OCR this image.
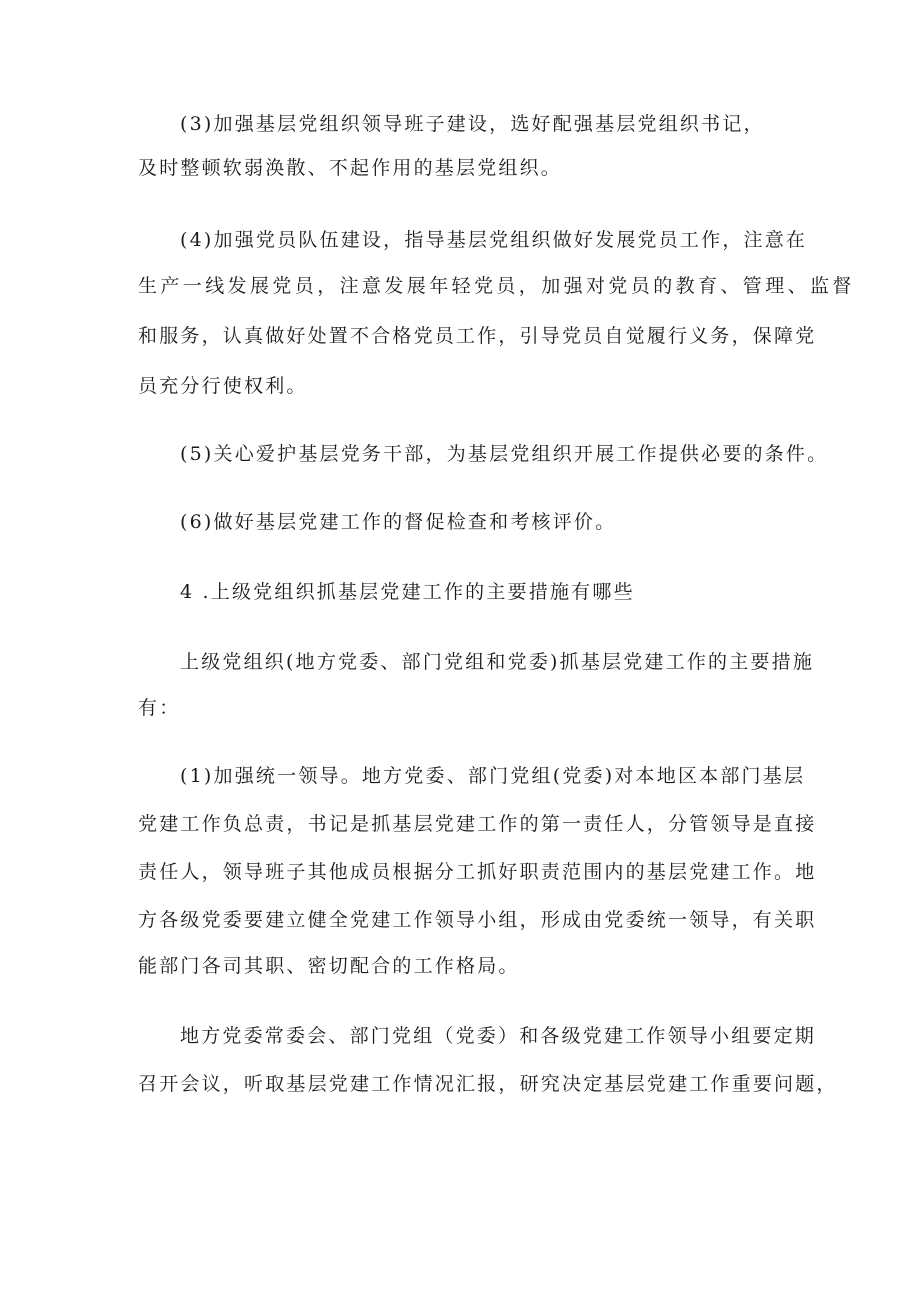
(3)加强基层党组织领导班子建设，选好配强基层党组织书记，
及时整顿软弱涣散、不起作用的基层党组织。
(4)加强党员队伍建设，指导基层党组织做好发展党员工作，注意在
生产一线发展党员，注意发展年轻党员，加强对党员的教育、管理、监督
和服务，认真做好处置不合格党员工作，引导党员自觉履行义务，保障党
员充分行使权利。
(5)关心爱护基层党务干部，为基层党组织开展工作提供必要的条件。
(6)做好基层党建工作的督促检查和考核评价。
4 .上级党组织抓基层党建工作的主要措施有哪些
上级党组织(地方党委、部门党组和党委)抓基层党建工作的主要措施
有：
(1)加强统一领导。地方党委、部门党组(党委)对本地区本部门基层
党建工作负总责，书记是抓基层党建工作的第一责任人，分管领导是直接
责任人，领导班子其他成员根据分工抓好职责范围内的基层党建工作。地
方各级党委要建立健全党建工作领导小组，形成由党委统一领导，有关职
能部门各司其职、密切配合的工作格局。
地方党委常委会、部门党组（党委）和各级党建工作领导小组要定期
召开会议，听取基层党建工作情况汇报，研究决定基层党建工作重要问题，
